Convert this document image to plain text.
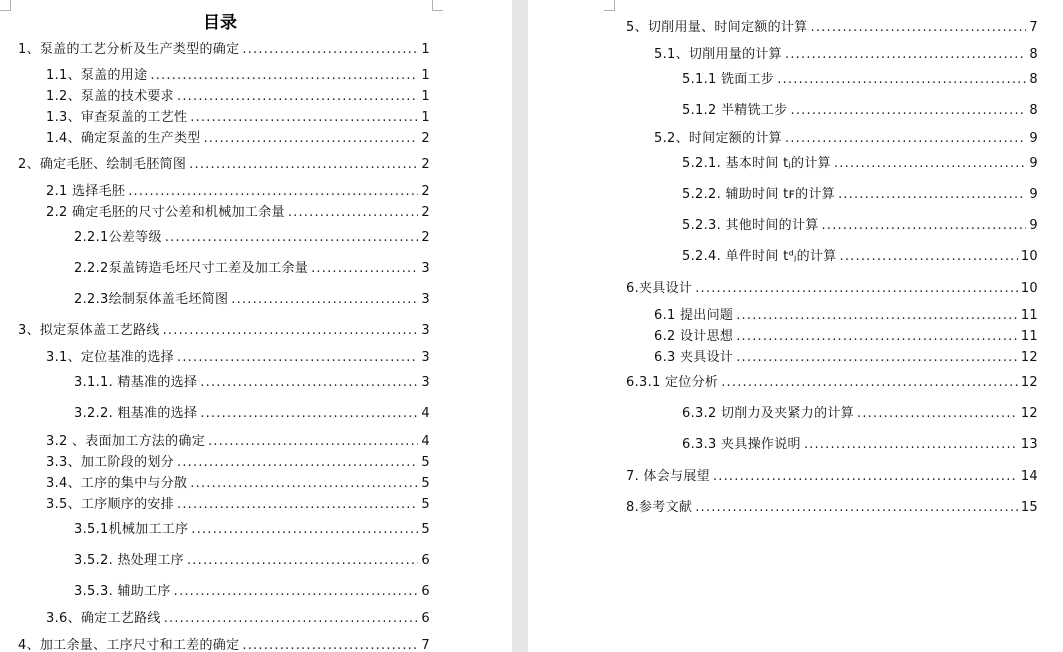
目录
1、泵盖的工艺分析及生产类型的确定 .....	1
1.1、泵盖的用途 .....	1
1.2、泵盖的技术要求 .....	1
1.3、审查泵盖的工艺性 .....	1
1.4、确定泵盖的生产类型 .....	2
2、确定毛胚、绘制毛胚简图 .....	2
2.1 选择毛胚 .....	2
2.2 确定毛胚的尺寸公差和机械加工余量 .....	2
2.2.1公差等级 .....	2
2.2.2泵盖铸造毛坯尺寸工差及加工余量 .....	3
2.2.3绘制泵体盖毛坯简图 .....	3
3、拟定泵体盖工艺路线 .....	3
3.1、定位基准的选择 .....	3
3.1.1. 精基准的选择 .....	3
3.2.2. 粗基准的选择 .....	4
3.2 、表面加工方法的确定 .....	4
3.3、加工阶段的划分 .....	5
3.4、工序的集中与分散 .....	5
3.5、工序顺序的安排 .....	5
3.5.1机械加工工序 .....	5
3.5.2. 热处理工序 .....	6
3.5.3. 辅助工序 .....	6
3.6、确定工艺路线 .....	6
4、加工余量、工序尺寸和工差的确定 .....	7
5、切削用量、时间定额的计算 .....	7
5.1、切削用量的计算 .....	8
5.1.1 铣面工步 .....	8
5.1.2 半精铣工步 .....	8
5.2、时间定额的计算 .....	9
5.2.1. 基本时间 tⱼ的计算 .....	9
5.2.2. 辅助时间 tꜰ的计算 .....	9
5.2.3. 其他时间的计算 .....	9
5.2.4. 单件时间 tᵈⱼ的计算 .....	10
6.夹具设计 .....	10
6.1 提出问题 .....	11
6.2 设计思想 .....	11
6.3 夹具设计 .....	12
6.3.1 定位分析 .....	12
6.3.2 切削力及夹紧力的计算 .....	12
6.3.3 夹具操作说明 .....	13
7. 体会与展望 .....	14
8.参考文献 .....	15
